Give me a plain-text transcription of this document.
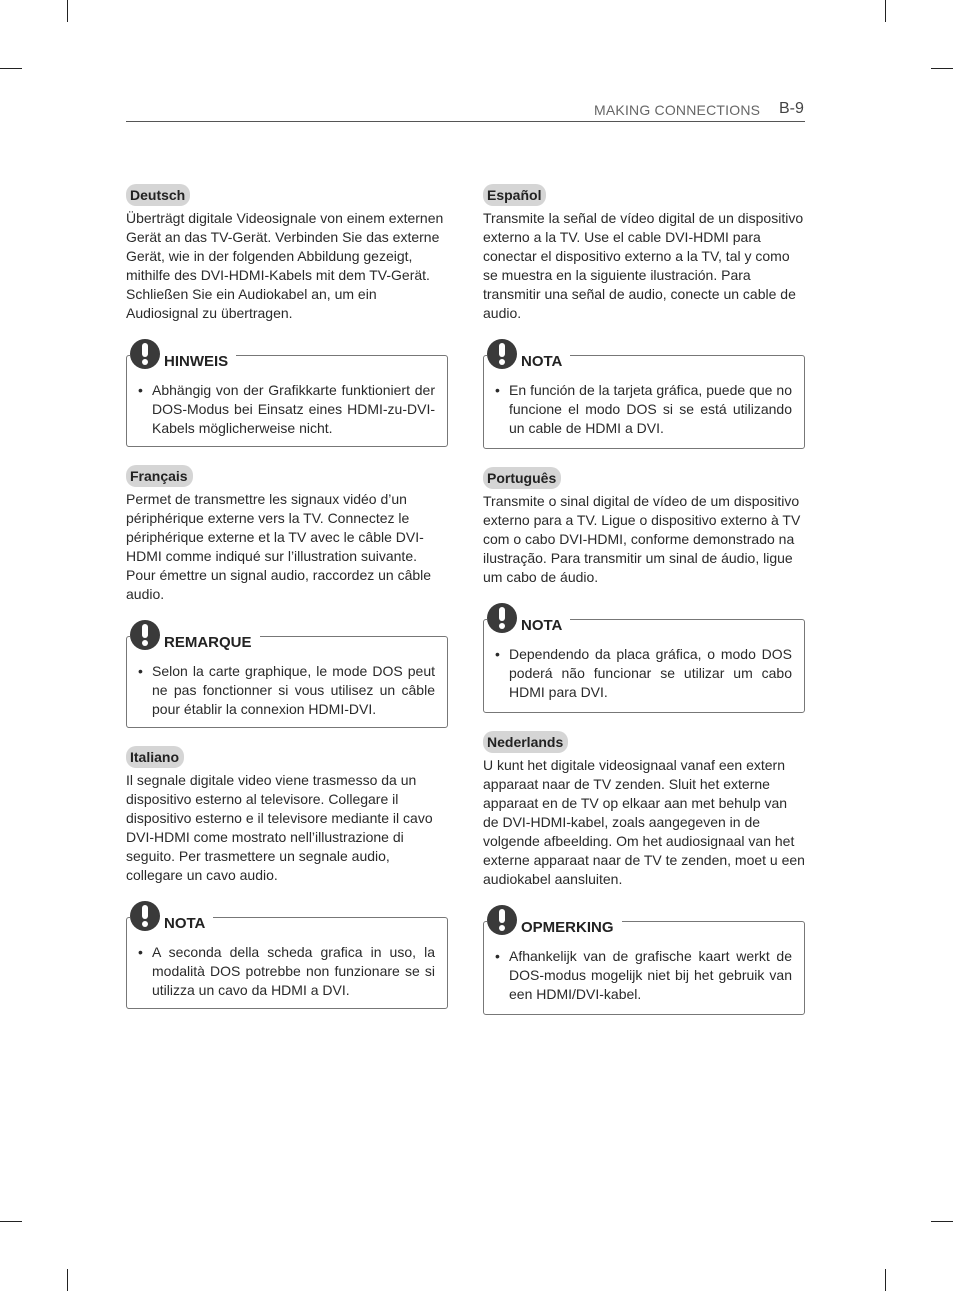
MAKING CONNECTIONS B-9
Deutsch

Überträgt digitale Videosignale von einem externen Gerät an das TV-Gerät. Verbinden Sie das externe Gerät, wie in der folgenden Abbildung gezeigt, mithilfe des DVI-HDMI-Kabels mit dem TV-Gerät. Schließen Sie ein Audiokabel an, um ein Audiosignal zu übertragen.

HINWEIS
• Abhängig von der Grafikkarte funktioniert der DOS-Modus bei Einsatz eines HDMI-zu-DVI-Kabels möglicherweise nicht.
Français

Permet de transmettre les signaux vidéo d’un périphérique externe vers la TV. Connectez le périphérique externe et la TV avec le câble DVI-HDMI comme indiqué sur l’illustration suivante. Pour émettre un signal audio, raccordez un câble audio.

REMARQUE
• Selon la carte graphique, le mode DOS peut ne pas fonctionner si vous utilisez un câble pour établir la connexion HDMI-DVI.
Italiano

Il segnale digitale video viene trasmesso da un dispositivo esterno al televisore. Collegare il dispositivo esterno e il televisore mediante il cavo DVI-HDMI come mostrato nell’illustrazione di seguito. Per trasmettere un segnale audio, collegare un cavo audio.

NOTA
• A seconda della scheda grafica in uso, la modalità DOS potrebbe non funzionare se si utilizza un cavo da HDMI a DVI.
Español

Transmite la señal de vídeo digital de un dispositivo externo a la TV. Use el cable DVI-HDMI para conectar el dispositivo externo a la TV, tal y como se muestra en la siguiente ilustración. Para transmitir una señal de audio, conecte un cable de audio.

NOTA
• En función de la tarjeta gráfica, puede que no funcione el modo DOS si se está utilizando un cable de HDMI a DVI.
Português

Transmite o sinal digital de vídeo de um dispositivo externo para a TV. Ligue o dispositivo externo à TV com o cabo DVI-HDMI, conforme demonstrado na ilustração. Para transmitir um sinal de áudio, ligue um cabo de áudio.

NOTA
• Dependendo da placa gráfica, o modo DOS poderá não funcionar se utilizar um cabo HDMI para DVI.
Nederlands

U kunt het digitale videosignaal vanaf een extern apparaat naar de TV zenden. Sluit het externe apparaat en de TV op elkaar aan met behulp van de DVI-HDMI-kabel, zoals aangegeven in de volgende afbeelding. Om het audiosignaal van het externe apparaat naar de TV te zenden, moet u een audiokabel aansluiten.

OPMERKING
• Afhankelijk van de grafische kaart werkt de DOS-modus mogelijk niet bij het gebruik van een HDMI/DVI-kabel.
